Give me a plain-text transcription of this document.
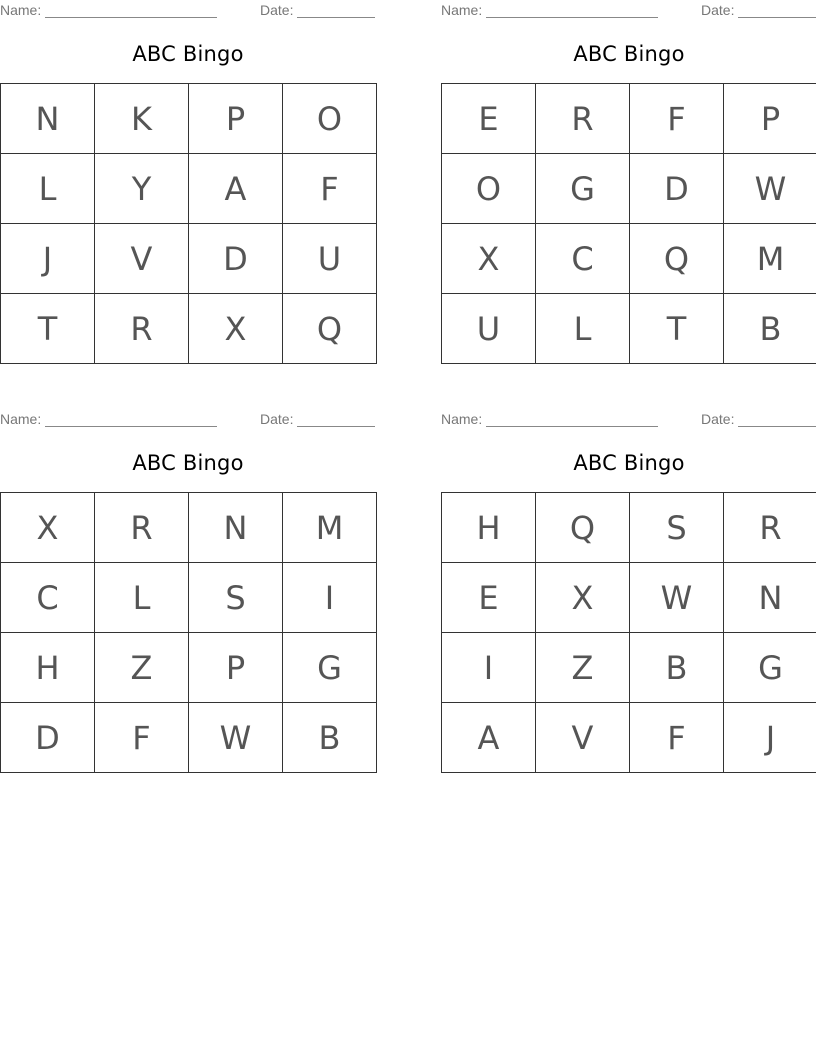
Name:	Date:
ABC Bingo
N	K	P	O
L	Y	A	F
J	V	D	U
T	R	X	Q
Name:	Date:
ABC Bingo
E	R	F	P
O	G	D	W
X	C	Q	M
U	L	T	B
Name:	Date:
ABC Bingo
X	R	N	M
C	L	S	I
H	Z	P	G
D	F	W	B
Name:	Date:
ABC Bingo
H	Q	S	R
E	X	W	N
I	Z	B	G
A	V	F	J
